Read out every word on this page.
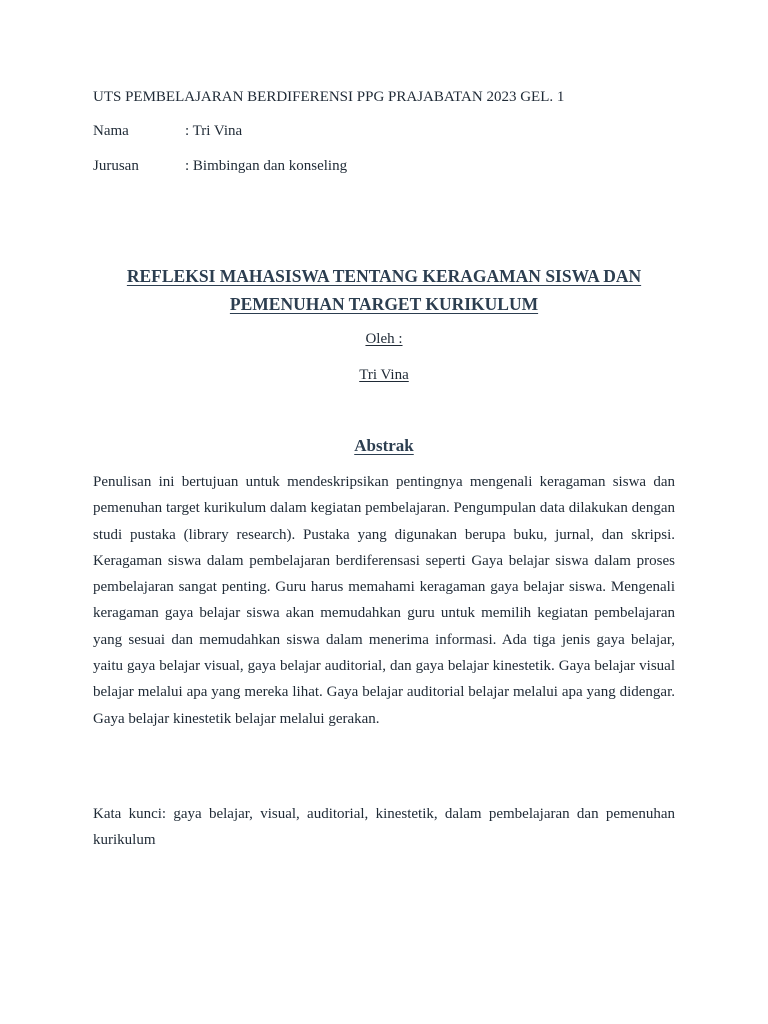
UTS PEMBELAJARAN BERDIFERENSI PPG PRAJABATAN 2023 GEL. 1
Nama	: Tri Vina
Jurusan	: Bimbingan dan konseling
REFLEKSI MAHASISWA TENTANG KERAGAMAN SISWA DAN
PEMENUHAN TARGET KURIKULUM
Oleh :
Tri Vina
Abstrak

Penulisan ini bertujuan untuk mendeskripsikan pentingnya mengenali keragaman siswa dan pemenuhan target kurikulum dalam kegiatan pembelajaran. Pengumpulan data dilakukan dengan studi pustaka (library research). Pustaka yang digunakan berupa buku, jurnal, dan skripsi. Keragaman siswa dalam pembelajaran berdiferensasi seperti Gaya belajar siswa dalam proses pembelajaran sangat penting. Guru harus memahami keragaman gaya belajar siswa. Mengenali keragaman gaya belajar siswa akan memudahkan guru untuk memilih kegiatan pembelajaran yang sesuai dan memudahkan siswa dalam menerima informasi. Ada tiga jenis gaya belajar, yaitu gaya belajar visual, gaya belajar auditorial, dan gaya belajar kinestetik. Gaya belajar visual belajar melalui apa yang mereka lihat. Gaya belajar auditorial belajar melalui apa yang didengar. Gaya belajar kinestetik belajar melalui gerakan.

Kata kunci: gaya belajar, visual, auditorial, kinestetik, dalam pembelajaran dan pemenuhan kurikulum
